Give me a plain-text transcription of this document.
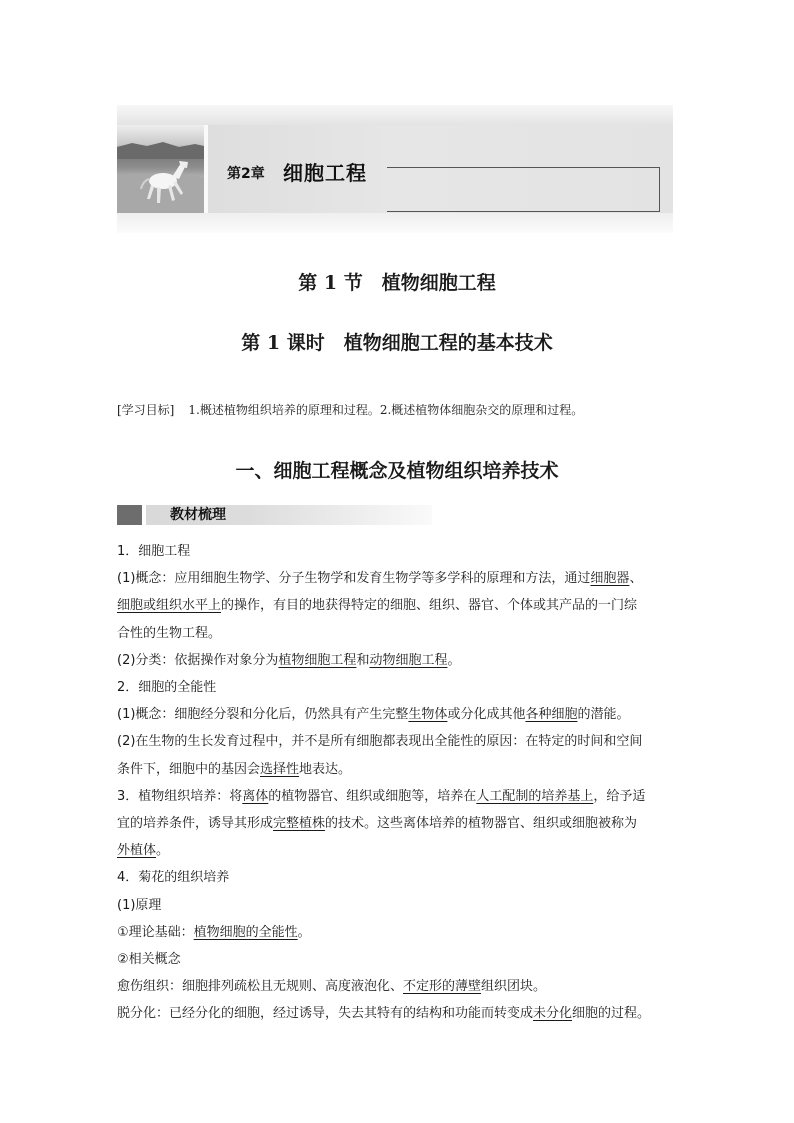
第2章 细胞工程
第 1 节　植物细胞工程
第 1 课时　植物细胞工程的基本技术
[学习目标] 1.概述植物组织培养的原理和过程。2.概述植物体细胞杂交的原理和过程。
一、细胞工程概念及植物组织培养技术
教材梳理

1．细胞工程

(1)概念：应用细胞生物学、分子生物学和发育生物学等多学科的原理和方法，通过细胞器、

细胞或组织水平上的操作，有目的地获得特定的细胞、组织、器官、个体或其产品的一门综

合性的生物工程。

(2)分类：依据操作对象分为植物细胞工程和动物细胞工程。

2．细胞的全能性

(1)概念：细胞经分裂和分化后，仍然具有产生完整生物体或分化成其他各种细胞的潜能。

(2)在生物的生长发育过程中，并不是所有细胞都表现出全能性的原因：在特定的时间和空间

条件下，细胞中的基因会选择性地表达。

3．植物组织培养：将离体的植物器官、组织或细胞等，培养在人工配制的培养基上，给予适

宜的培养条件，诱导其形成完整植株的技术。这些离体培养的植物器官、组织或细胞被称为

外植体。

4．菊花的组织培养

(1)原理

①理论基础：植物细胞的全能性。

②相关概念

愈伤组织：细胞排列疏松且无规则、高度液泡化、不定形的薄壁组织团块。

脱分化：已经分化的细胞，经过诱导，失去其特有的结构和功能而转变成未分化细胞的过程。
